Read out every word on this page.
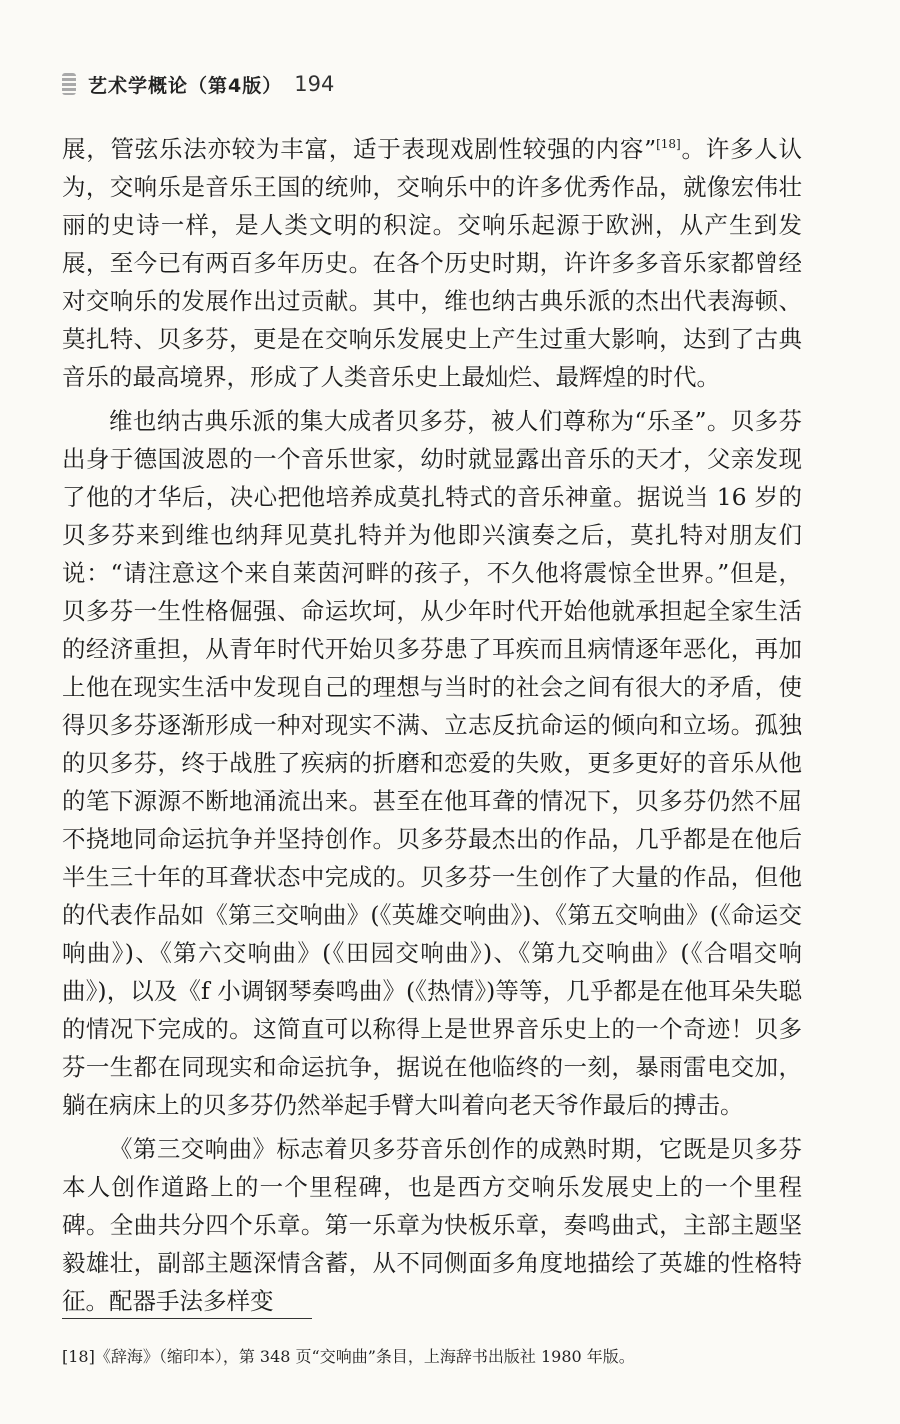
艺术学概论（第4版） 194

展，管弦乐法亦较为丰富，适于表现戏剧性较强的内容”[18]。许多人认为，交响乐是音乐王国的统帅，交响乐中的许多优秀作品，就像宏伟壮丽的史诗一样，是人类文明的积淀。交响乐起源于欧洲，从产生到发展，至今已有两百多年历史。在各个历史时期，许许多多音乐家都曾经对交响乐的发展作出过贡献。其中，维也纳古典乐派的杰出代表海顿、莫扎特、贝多芬，更是在交响乐发展史上产生过重大影响，达到了古典音乐的最高境界，形成了人类音乐史上最灿烂、最辉煌的时代。

维也纳古典乐派的集大成者贝多芬，被人们尊称为“乐圣”。贝多芬出身于德国波恩的一个音乐世家，幼时就显露出音乐的天才，父亲发现了他的才华后，决心把他培养成莫扎特式的音乐神童。据说当 16 岁的贝多芬来到维也纳拜见莫扎特并为他即兴演奏之后，莫扎特对朋友们说：“请注意这个来自莱茵河畔的孩子，不久他将震惊全世界。”但是，贝多芬一生性格倔强、命运坎坷，从少年时代开始他就承担起全家生活的经济重担，从青年时代开始贝多芬患了耳疾而且病情逐年恶化，再加上他在现实生活中发现自己的理想与当时的社会之间有很大的矛盾，使得贝多芬逐渐形成一种对现实不满、立志反抗命运的倾向和立场。孤独的贝多芬，终于战胜了疾病的折磨和恋爱的失败，更多更好的音乐从他的笔下源源不断地涌流出来。甚至在他耳聋的情况下，贝多芬仍然不屈不挠地同命运抗争并坚持创作。贝多芬最杰出的作品，几乎都是在他后半生三十年的耳聋状态中完成的。贝多芬一生创作了大量的作品，但他的代表作品如《第三交响曲》(《英雄交响曲》)、《第五交响曲》(《命运交响曲》)、《第六交响曲》(《田园交响曲》)、《第九交响曲》(《合唱交响曲》)，以及《f 小调钢琴奏鸣曲》(《热情》)等等，几乎都是在他耳朵失聪的情况下完成的。这简直可以称得上是世界音乐史上的一个奇迹！贝多芬一生都在同现实和命运抗争，据说在他临终的一刻，暴雨雷电交加，躺在病床上的贝多芬仍然举起手臂大叫着向老天爷作最后的搏击。

《第三交响曲》标志着贝多芬音乐创作的成熟时期，它既是贝多芬本人创作道路上的一个里程碑，也是西方交响乐发展史上的一个里程碑。全曲共分四个乐章。第一乐章为快板乐章，奏鸣曲式，主部主题坚毅雄壮，副部主题深情含蓄，从不同侧面多角度地描绘了英雄的性格特征。配器手法多样变

[18]《辞海》（缩印本），第 348 页“交响曲”条目，上海辞书出版社 1980 年版。
